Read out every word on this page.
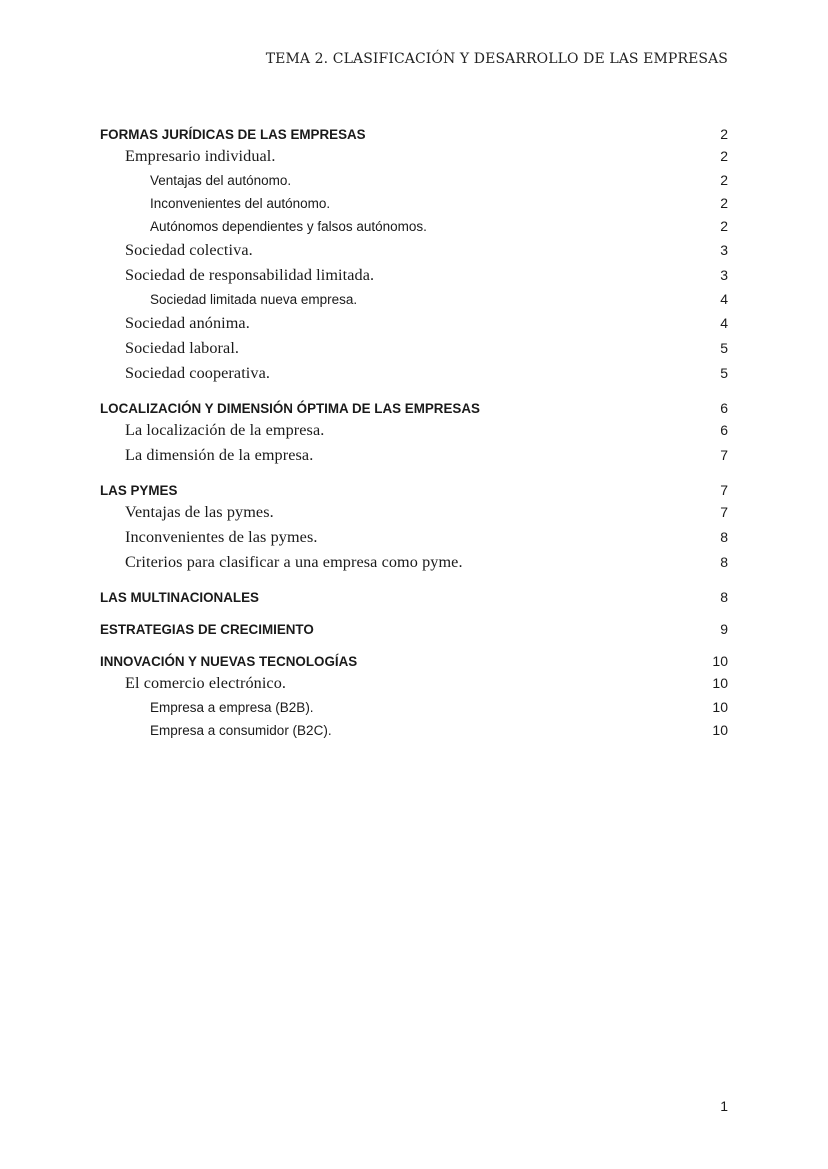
TEMA 2. CLASIFICACIÓN Y DESARROLLO DE LAS EMPRESAS
FORMAS JURÍDICAS DE LAS EMPRESAS	2
Empresario individual.	2
Ventajas del autónomo.	2
Inconvenientes del autónomo.	2
Autónomos dependientes y falsos autónomos.	2
Sociedad colectiva.	3
Sociedad de responsabilidad limitada.	3
Sociedad limitada nueva empresa.	4
Sociedad anónima.	4
Sociedad laboral.	5
Sociedad cooperativa.	5
LOCALIZACIÓN Y DIMENSIÓN ÓPTIMA DE LAS EMPRESAS	6
La localización de la empresa.	6
La dimensión de la empresa.	7
LAS PYMES	7
Ventajas de las pymes.	7
Inconvenientes de las pymes.	8
Criterios para clasificar a una empresa como pyme.	8
LAS MULTINACIONALES	8
ESTRATEGIAS DE CRECIMIENTO	9
INNOVACIÓN Y NUEVAS TECNOLOGÍAS	10
El comercio electrónico.	10
Empresa a empresa (B2B).	10
Empresa a consumidor (B2C).	10
1
